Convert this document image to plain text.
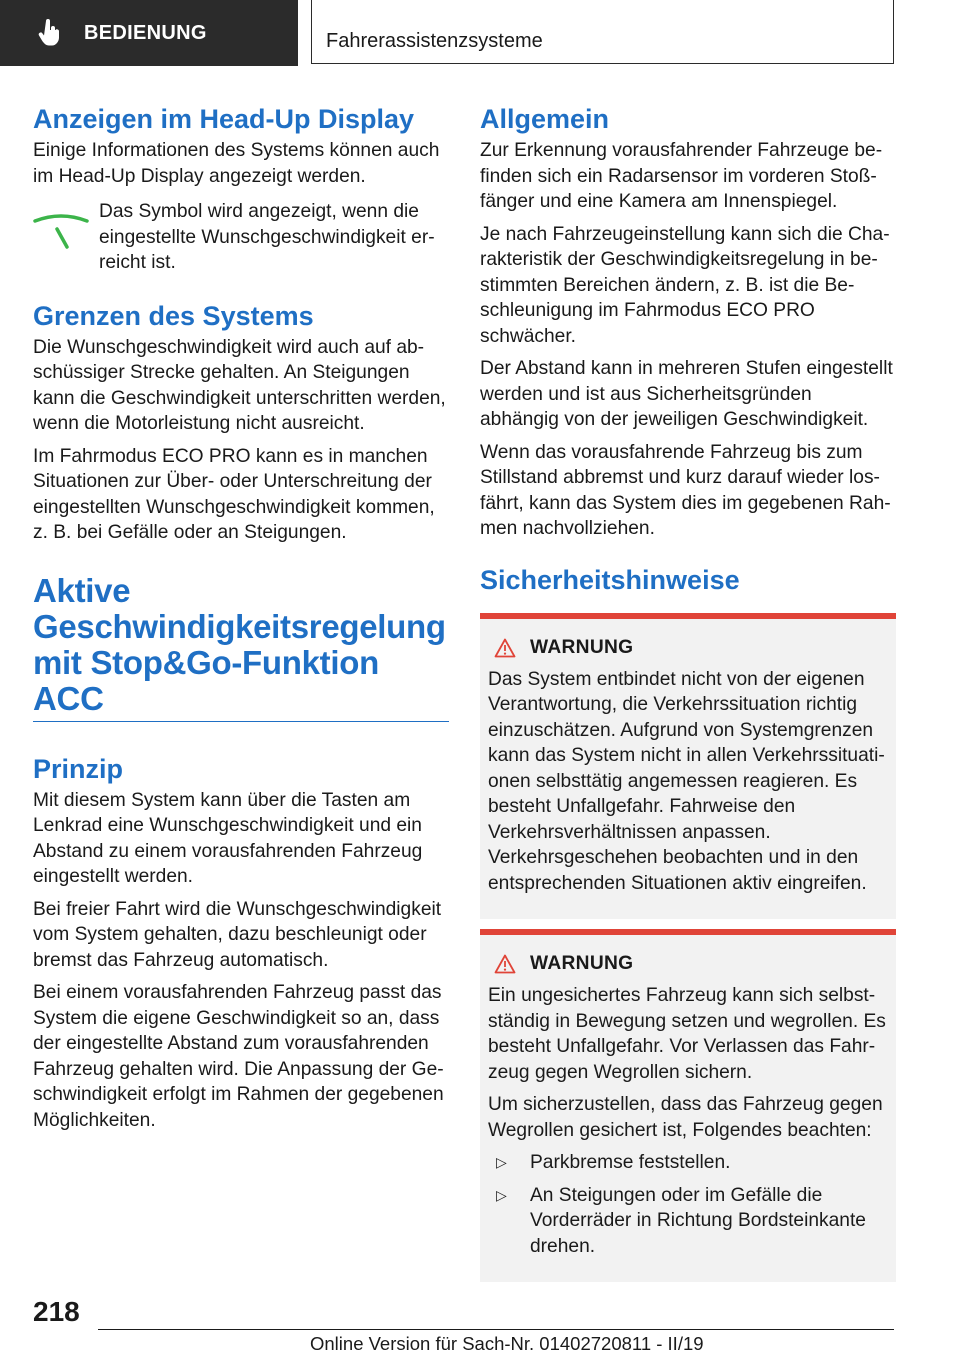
BEDIENUNG	Fahrerassistenzsysteme
Anzeigen im Head-Up Display

Einige Informationen des Systems können auch im Head-Up Display angezeigt werden.

Das Symbol wird angezeigt, wenn die eingestellte Wunschgeschwindigkeit erreicht ist.

Grenzen des Systems

Die Wunschgeschwindigkeit wird auch auf abschüssiger Strecke gehalten. An Steigungen kann die Geschwindigkeit unterschritten werden, wenn die Motorleistung nicht ausreicht.

Im Fahrmodus ECO PRO kann es in manchen Situationen zur Über- oder Unterschreitung der eingestellten Wunschgeschwindigkeit kommen, z. B. bei Gefälle oder an Steigungen.

Aktive Geschwindigkeitsregelung mit Stop&Go-Funktion ACC
Prinzip

Mit diesem System kann über die Tasten am Lenkrad eine Wunschgeschwindigkeit und ein Abstand zu einem vorausfahrenden Fahrzeug eingestellt werden.

Bei freier Fahrt wird die Wunschgeschwindigkeit vom System gehalten, dazu beschleunigt oder bremst das Fahrzeug automatisch.

Bei einem vorausfahrenden Fahrzeug passt das System die eigene Geschwindigkeit so an, dass der eingestellte Abstand zum vorausfahrenden Fahrzeug gehalten wird. Die Anpassung der Geschwindigkeit erfolgt im Rahmen der gegebenen Möglichkeiten.

Allgemein

Zur Erkennung vorausfahrender Fahrzeuge befinden sich ein Radarsensor im vorderen Stoßfänger und eine Kamera am Innenspiegel.

Je nach Fahrzeugeinstellung kann sich die Charakteristik der Geschwindigkeitsregelung in bestimmten Bereichen ändern, z. B. ist die Beschleunigung im Fahrmodus ECO PRO schwächer.

Der Abstand kann in mehreren Stufen eingestellt werden und ist aus Sicherheitsgründen abhängig von der jeweiligen Geschwindigkeit.

Wenn das vorausfahrende Fahrzeug bis zum Stillstand abbremst und kurz darauf wieder losfährt, kann das System dies im gegebenen Rahmen nachvollziehen.

Sicherheitshinweise
WARNUNG

Das System entbindet nicht von der eigenen Verantwortung, die Verkehrssituation richtig einzuschätzen. Aufgrund von Systemgrenzen kann das System nicht in allen Verkehrssituationen selbsttätig angemessen reagieren. Es besteht Unfallgefahr. Fahrweise den Verkehrsverhältnissen anpassen. Verkehrsgeschehen beobachten und in den entsprechenden Situationen aktiv eingreifen.

WARNUNG

Ein ungesichertes Fahrzeug kann sich selbstständig in Bewegung setzen und wegrollen. Es besteht Unfallgefahr. Vor Verlassen das Fahrzeug gegen Wegrollen sichern.

Um sicherzustellen, dass das Fahrzeug gegen Wegrollen gesichert ist, Folgendes beachten:

▷	Parkbremse feststellen.
▷	An Steigungen oder im Gefälle die Vorderräder in Richtung Bordsteinkante drehen.
218
Online Version für Sach-Nr. 01402720811 - II/19
